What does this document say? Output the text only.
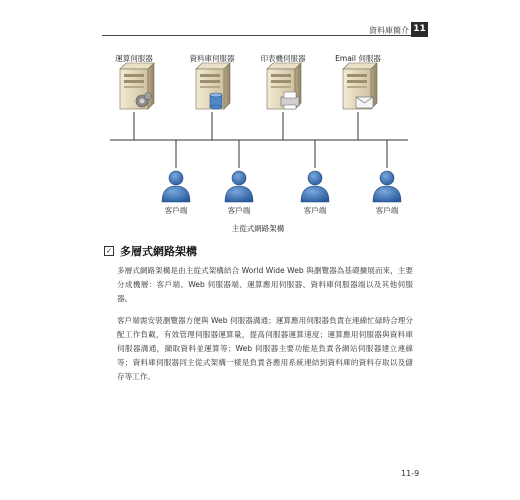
資料庫簡介 11
運算伺服器	資料庫伺服器	印表機伺服器	Email 伺服器
客戶端	客戶端	客戶端	客戶端
主從式網路架構
✓ 多層式網路架構

多層式網路架構是由主從式架構結合 World Wide Web 與瀏覽器為基礎擴展而來，主要分成機層：客戶端、Web 伺服器端、運算應用伺服器、資料庫伺服器端以及其他伺服器。

客戶端需安裝瀏覽器方便與 Web 伺服器溝通；運算應用伺服器負責在連線忙碌時合理分配工作負載，有效管理伺服器運算量，提高伺服器運算速度；運算應用伺服器與資料庫伺服器溝通，擷取資料並運算等；Web 伺服器主要功能是負責各網站伺服器建立連線等；資料庫伺服器同主從式架構一樣是負責各應用系統連結到資料庫的資料存取以及儲存等工作。

11-9
